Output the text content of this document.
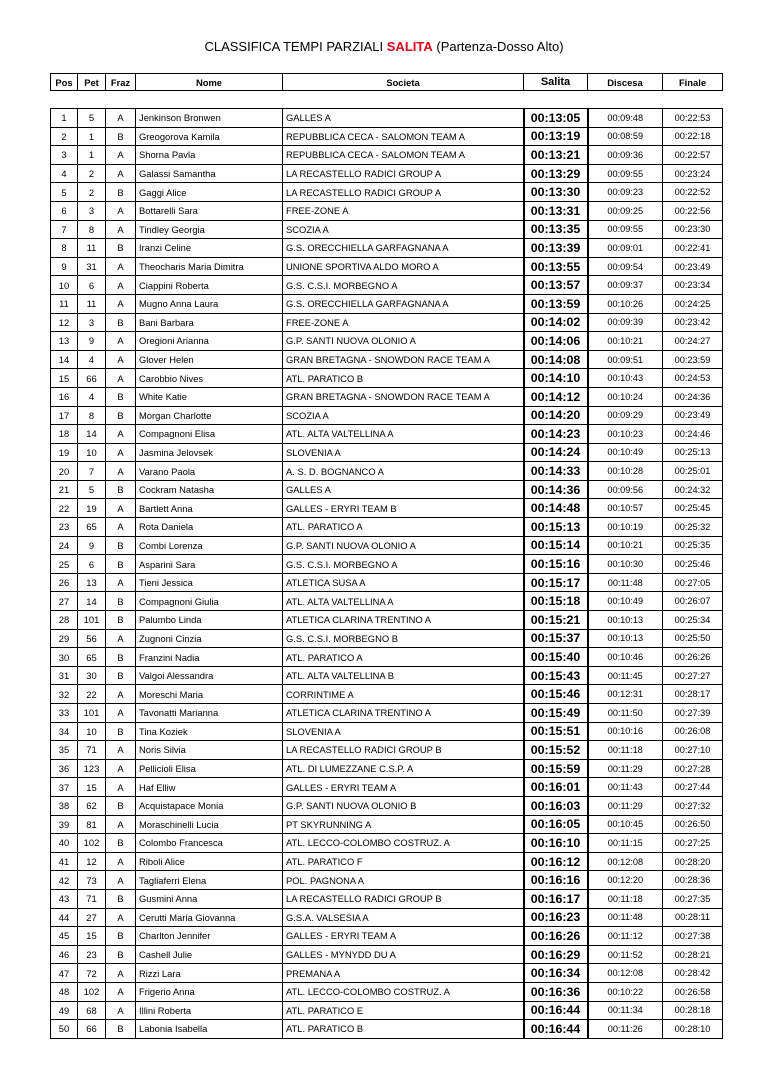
CLASSIFICA TEMPI PARZIALI SALITA (Partenza-Dosso Alto)
Pos	Pet	Fraz	Nome	Societa	Salita	Discesa	Finale
1	5	A	Jenkinson Bronwen	GALLES A	00:13:05	00:09:48	00:22:53
2	1	B	Greogorova Kamila	REPUBBLICA CECA - SALOMON TEAM A	00:13:19	00:08:59	00:22:18
3	1	A	Shorna Pavla	REPUBBLICA CECA - SALOMON TEAM A	00:13:21	00:09:36	00:22:57
4	2	A	Galassi Samantha	LA RECASTELLO RADICI GROUP A	00:13:29	00:09:55	00:23:24
5	2	B	Gaggi Alice	LA RECASTELLO RADICI GROUP A	00:13:30	00:09:23	00:22:52
6	3	A	Bottarelli Sara	FREE-ZONE A	00:13:31	00:09:25	00:22:56
7	8	A	Tindley Georgia	SCOZIA A	00:13:35	00:09:55	00:23:30
8	11	B	Iranzi Celine	G.S. ORECCHIELLA GARFAGNANA A	00:13:39	00:09:01	00:22:41
9	31	A	Theocharis Maria Dimitra	UNIONE SPORTIVA ALDO MORO A	00:13:55	00:09:54	00:23:49
10	6	A	Ciappini Roberta	G.S. C.S.I. MORBEGNO A	00:13:57	00:09:37	00:23:34
11	11	A	Mugno Anna Laura	G.S. ORECCHIELLA GARFAGNANA A	00:13:59	00:10:26	00:24:25
12	3	B	Bani Barbara	FREE-ZONE A	00:14:02	00:09:39	00:23:42
13	9	A	Oregioni Arianna	G.P. SANTI NUOVA OLONIO A	00:14:06	00:10:21	00:24:27
14	4	A	Glover Helen	GRAN BRETAGNA - SNOWDON RACE TEAM A	00:14:08	00:09:51	00:23:59
15	66	A	Carobbio Nives	ATL. PARATICO B	00:14:10	00:10:43	00:24:53
16	4	B	White Katie	GRAN BRETAGNA - SNOWDON RACE TEAM A	00:14:12	00:10:24	00:24:36
17	8	B	Morgan Charlotte	SCOZIA A	00:14:20	00:09:29	00:23:49
18	14	A	Compagnoni Elisa	ATL. ALTA VALTELLINA A	00:14:23	00:10:23	00:24:46
19	10	A	Jasmina Jelovsek	SLOVENIA A	00:14:24	00:10:49	00:25:13
20	7	A	Varano Paola	A. S. D. BOGNANCO A	00:14:33	00:10:28	00:25:01
21	5	B	Cockram Natasha	GALLES A	00:14:36	00:09:56	00:24:32
22	19	A	Bartlett Anna	GALLES - ERYRI TEAM B	00:14:48	00:10:57	00:25:45
23	65	A	Rota Daniela	ATL. PARATICO A	00:15:13	00:10:19	00:25:32
24	9	B	Combi Lorenza	G.P. SANTI NUOVA OLONIO A	00:15:14	00:10:21	00:25:35
25	6	B	Asparini Sara	G.S. C.S.I. MORBEGNO A	00:15:16	00:10:30	00:25:46
26	13	A	Tieni Jessica	ATLETICA SUSA A	00:15:17	00:11:48	00:27:05
27	14	B	Compagnoni Giulia	ATL. ALTA VALTELLINA A	00:15:18	00:10:49	00:26:07
28	101	B	Palumbo Linda	ATLETICA CLARINA TRENTINO A	00:15:21	00:10:13	00:25:34
29	56	A	Zugnoni Cinzia	G.S. C.S.I. MORBEGNO B	00:15:37	00:10:13	00:25:50
30	65	B	Franzini Nadia	ATL. PARATICO A	00:15:40	00:10:46	00:26:26
31	30	B	Valgoi Alessandra	ATL. ALTA VALTELLINA B	00:15:43	00:11:45	00:27:27
32	22	A	Moreschi Maria	CORRINTIME A	00:15:46	00:12:31	00:28:17
33	101	A	Tavonatti Marianna	ATLETICA CLARINA TRENTINO A	00:15:49	00:11:50	00:27:39
34	10	B	Tina Koziek	SLOVENIA A	00:15:51	00:10:16	00:26:08
35	71	A	Noris Silvia	LA RECASTELLO RADICI GROUP B	00:15:52	00:11:18	00:27:10
36	123	A	Pellicioli Elisa	ATL. DI LUMEZZANE C.S.P. A	00:15:59	00:11:29	00:27:28
37	15	A	Haf Elliw	GALLES - ERYRI TEAM A	00:16:01	00:11:43	00:27:44
38	62	B	Acquistapace Monia	G.P. SANTI NUOVA OLONIO B	00:16:03	00:11:29	00:27:32
39	81	A	Moraschinelli Lucia	PT SKYRUNNING A	00:16:05	00:10:45	00:26:50
40	102	B	Colombo Francesca	ATL. LECCO-COLOMBO COSTRUZ. A	00:16:10	00:11:15	00:27:25
41	12	A	Riboli Alice	ATL. PARATICO F	00:16:12	00:12:08	00:28:20
42	73	A	Tagliaferri Elena	POL. PAGNONA A	00:16:16	00:12:20	00:28:36
43	71	B	Gusmini Anna	LA RECASTELLO RADICI GROUP B	00:16:17	00:11:18	00:27:35
44	27	A	Cerutti Maria Giovanna	G.S.A. VALSESIA A	00:16:23	00:11:48	00:28:11
45	15	B	Charlton Jennifer	GALLES - ERYRI TEAM A	00:16:26	00:11:12	00:27:38
46	23	B	Cashell Julie	GALLES - MYNYDD DU A	00:16:29	00:11:52	00:28:21
47	72	A	Rizzi Lara	PREMANA A	00:16:34	00:12:08	00:28:42
48	102	A	Frigerio Anna	ATL. LECCO-COLOMBO COSTRUZ. A	00:16:36	00:10:22	00:26:58
49	68	A	Illini Roberta	ATL. PARATICO E	00:16:44	00:11:34	00:28:18
50	66	B	Labonia Isabella	ATL. PARATICO B	00:16:44	00:11:26	00:28:10
